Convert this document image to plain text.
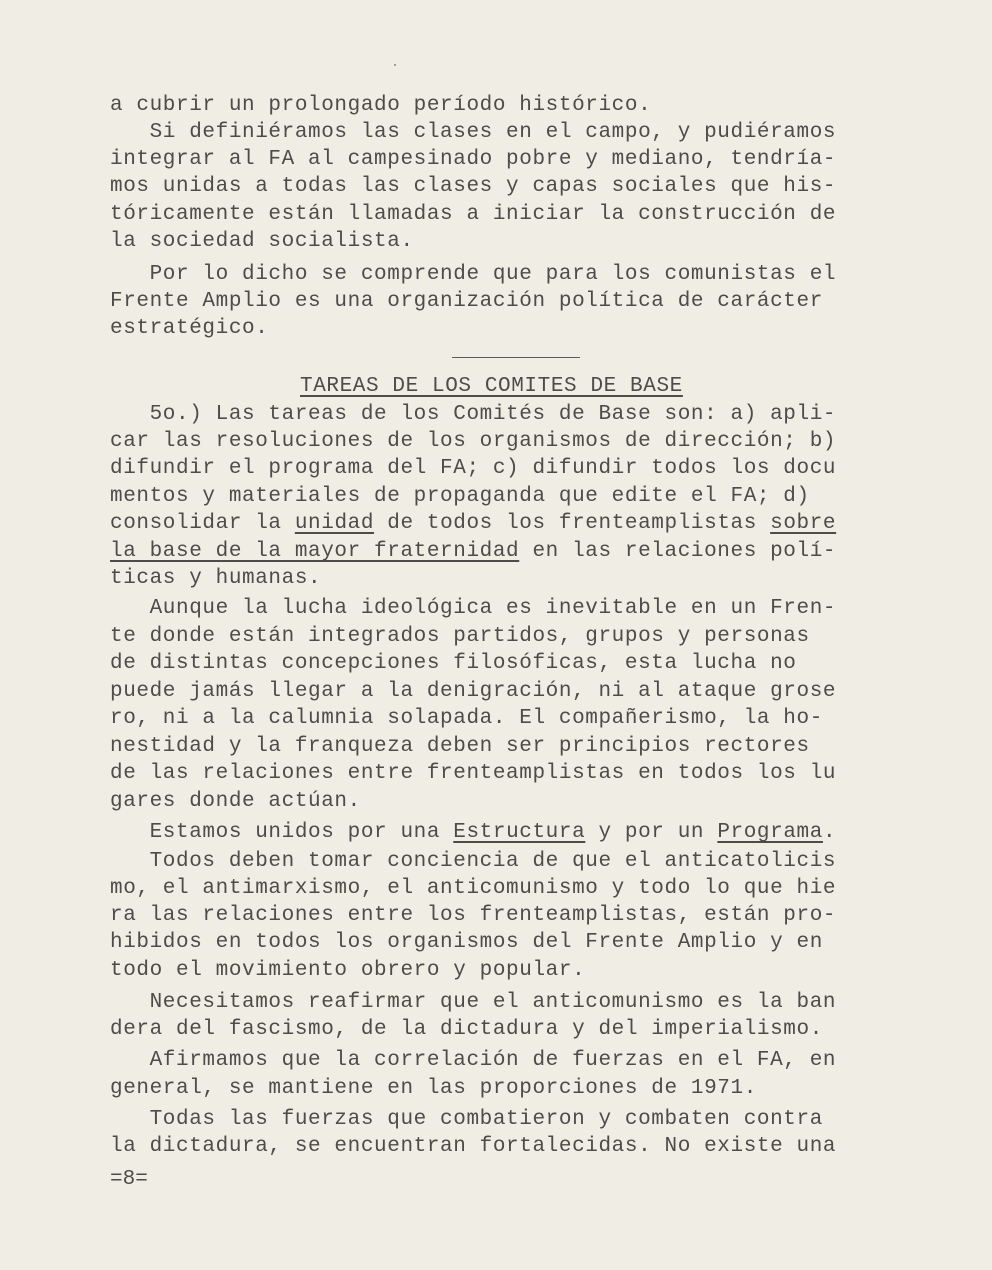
a cubrir un prolongado período histórico.
Si definiéramos las clases en el campo, y pudiéramos
integrar al FA al campesinado pobre y mediano, tendría-
mos unidas a todas las clases y capas sociales que his-
tóricamente están llamadas a iniciar la construcción de
la sociedad socialista.
Por lo dicho se comprende que para los comunistas el
Frente Amplio es una organización política de carácter
estratégico.
TAREAS DE LOS COMITES DE BASE
5o.) Las tareas de los Comités de Base son: a) apli-
car las resoluciones de los organismos de dirección; b)
difundir el programa del FA; c) difundir todos los docu
mentos y materiales de propaganda que edite el FA; d)
consolidar la unidad de todos los frenteamplistas sobre
la base de la mayor fraternidad en las relaciones polí-
ticas y humanas.
Aunque la lucha ideológica es inevitable en un Fren-
te donde están integrados partidos, grupos y personas
de distintas concepciones filosóficas, esta lucha no
puede jamás llegar a la denigración, ni al ataque grose
ro, ni a la calumnia solapada. El compañerismo, la ho-
nestidad y la franqueza deben ser principios rectores
de las relaciones entre frenteamplistas en todos los lu
gares donde actúan.
Estamos unidos por una Estructura y por un Programa.
Todos deben tomar conciencia de que el anticatolicis
mo, el antimarxismo, el anticomunismo y todo lo que hie
ra las relaciones entre los frenteamplistas, están pro-
hibidos en todos los organismos del Frente Amplio y en
todo el movimiento obrero y popular.
Necesitamos reafirmar que el anticomunismo es la ban
dera del fascismo, de la dictadura y del imperialismo.
Afirmamos que la correlación de fuerzas en el FA, en
general, se mantiene en las proporciones de 1971.
Todas las fuerzas que combatieron y combaten contra
la dictadura, se encuentran fortalecidas. No existe una
=8=
